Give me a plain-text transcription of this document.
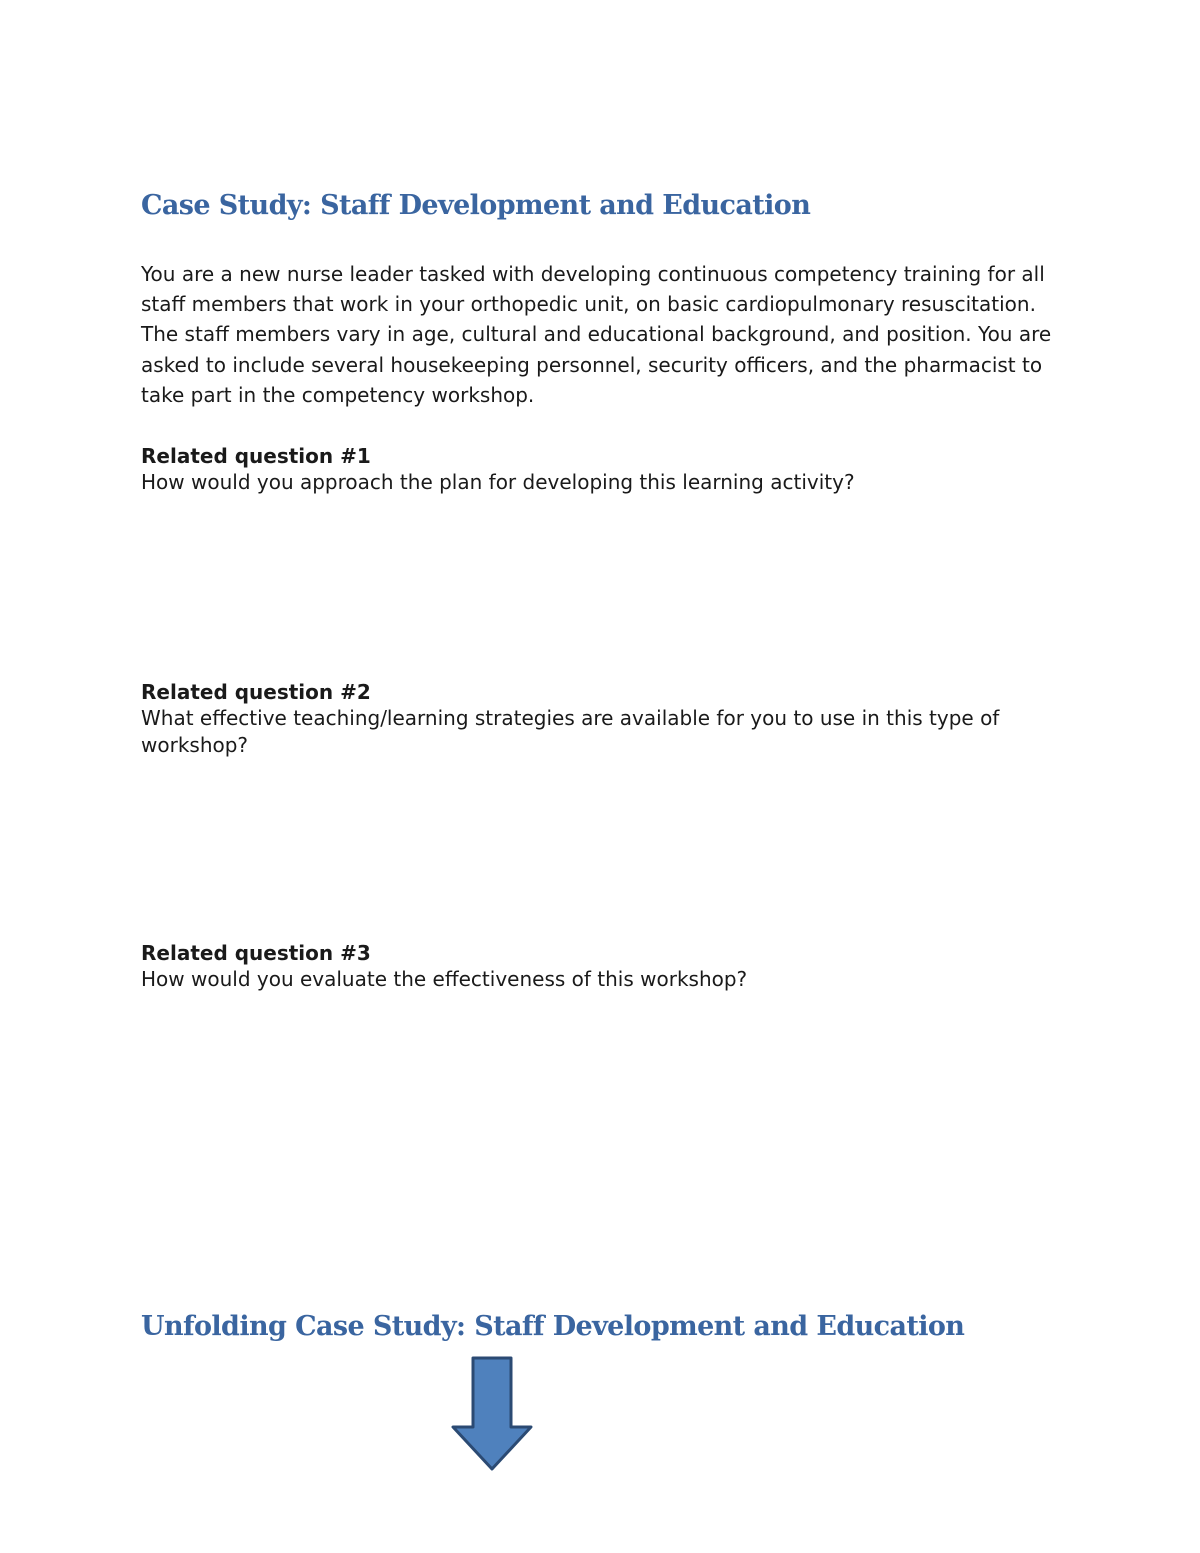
Case Study: Staff Development and Education

You are a new nurse leader tasked with developing continuous competency training for all staff members that work in your orthopedic unit, on basic cardiopulmonary resuscitation. The staff members vary in age, cultural and educational background, and position. You are asked to include several housekeeping personnel, security officers, and the pharmacist to take part in the competency workshop.

Related question #1
How would you approach the plan for developing this learning activity?
Related question #2
What effective teaching/learning strategies are available for you to use in this type of workshop?
Related question #3
How would you evaluate the effectiveness of this workshop?
Unfolding Case Study: Staff Development and Education
